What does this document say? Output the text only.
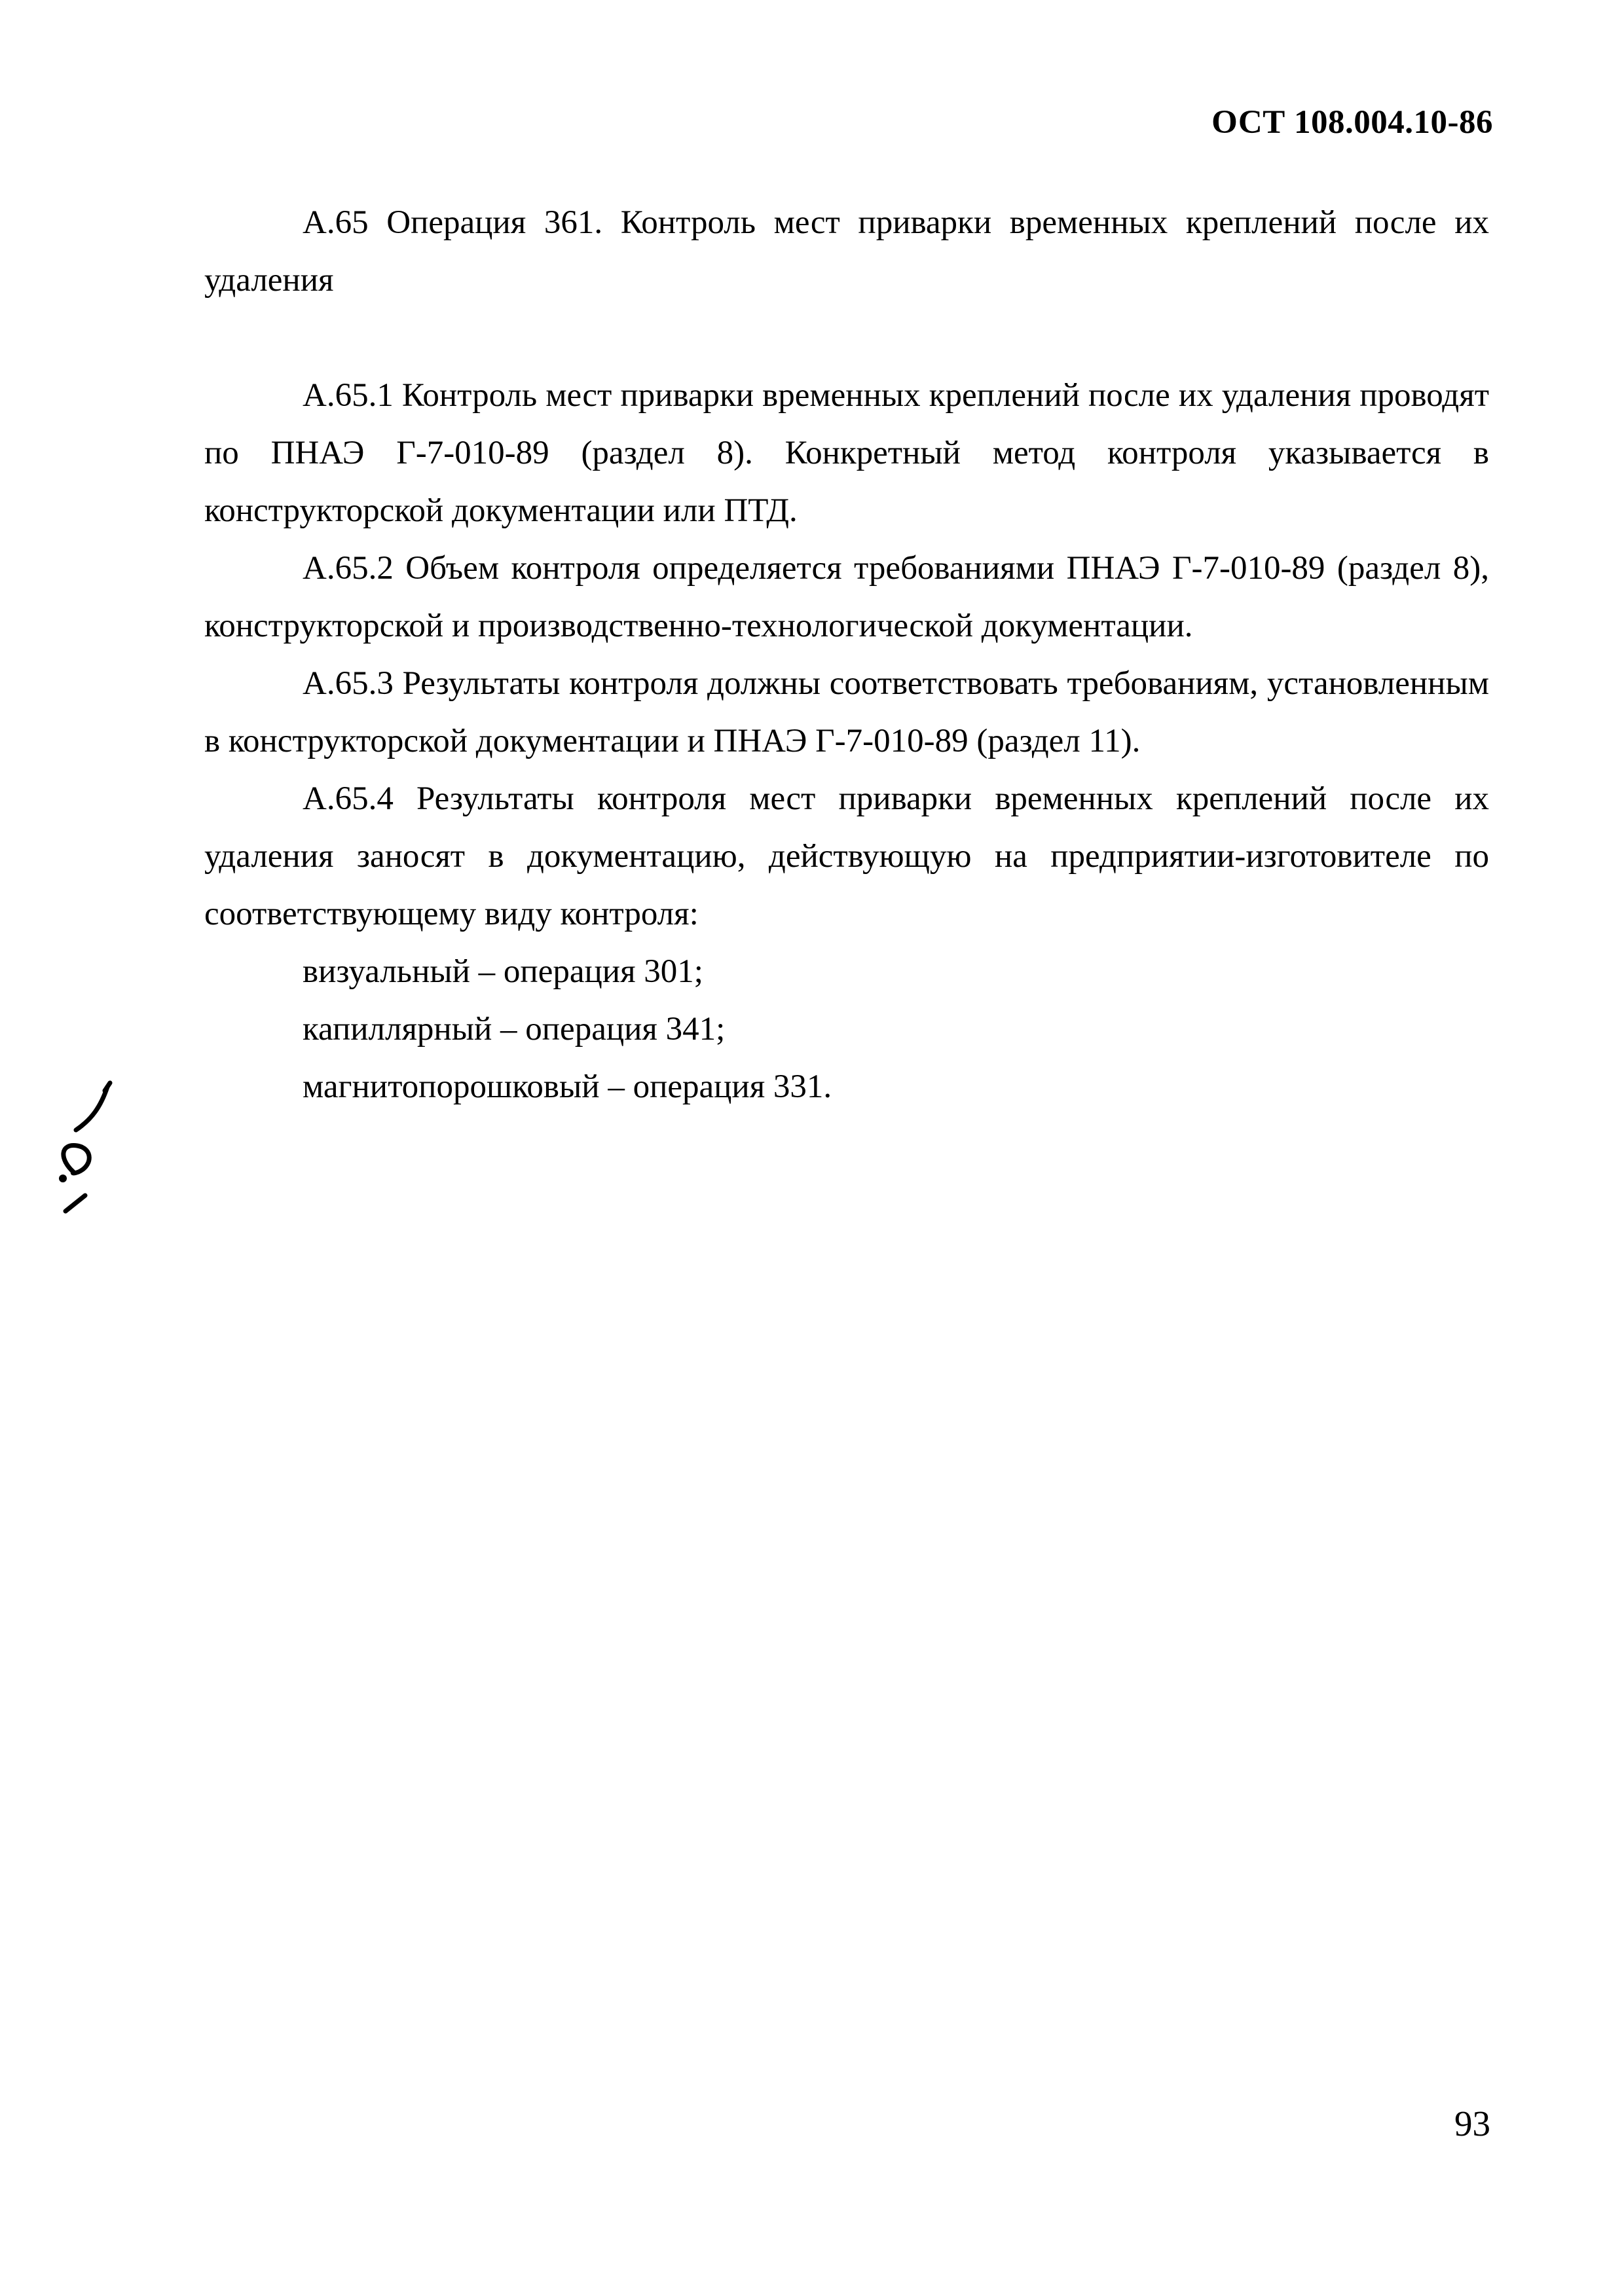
ОСТ 108.004.10-86

А.65 Операция 361. Контроль мест приварки временных креплений после их удаления

А.65.1 Контроль мест приварки временных креплений после их удаления проводят по ПНАЭ Г-7-010-89 (раздел 8). Конкретный метод контроля указывается в конструкторской документации или ПТД.

А.65.2 Объем контроля определяется требованиями ПНАЭ Г-7-010-89 (раздел 8), конструкторской и производственно-технологической документации.

А.65.3 Результаты контроля должны соответствовать требованиям, установленным в конструкторской документации и ПНАЭ Г-7-010-89 (раздел 11).

А.65.4 Результаты контроля мест приварки временных креплений после их удаления заносят в документацию, действующую на предприятии-изготовителе по соответствующему виду контроля:

визуальный – операция 301;

капиллярный – операция 341;

магнитопорошковый – операция 331.

93
